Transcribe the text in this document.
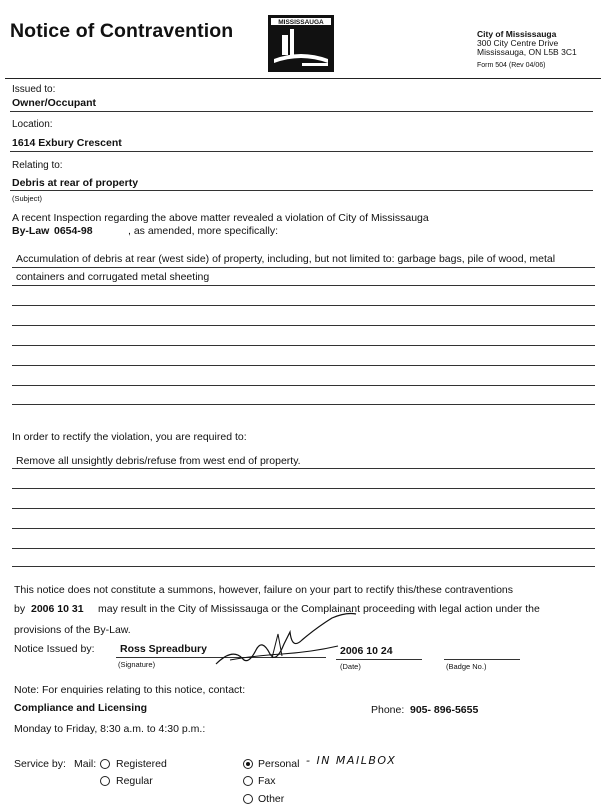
Notice of Contravention	MISSISSAUGA
City of Mississauga
300 City Centre Drive
Mississauga, ON L5B 3C1
Form 504 (Rev 04/06)
Issued to:
Owner/Occupant
Location:
1614 Exbury Crescent
Relating to:
Debris at rear of property
(Subject)
A recent Inspection regarding the above matter revealed a violation of City of Mississauga
By-Law 0654-98	, as amended, more specifically:
Accumulation of debris at rear (west side) of property, including, but not limited to: garbage bags, pile of wood, metal
containers and corrugated metal sheeting
In order to rectify the violation, you are required to:
Remove all unsightly debris/refuse from west end of property.
This notice does not constitute a summons, however, failure on your part to rectify this/these contraventions
by 2006 10 31 may result in the City of Mississauga or the Complainant proceeding with legal action under the
provisions of the By-Law.
Notice Issued by: Ross Spreadbury
(Signature)
2006 10 24
(Date)	(Badge No.)
Note: For enquiries relating to this notice, contact:
Compliance and Licensing	Phone: 905- 896-5655
Monday to Friday, 8:30 a.m. to 4:30 p.m.:
Service by: Mail: Registered
Regular
Personal - IN MAILBOX
Fax
Other
